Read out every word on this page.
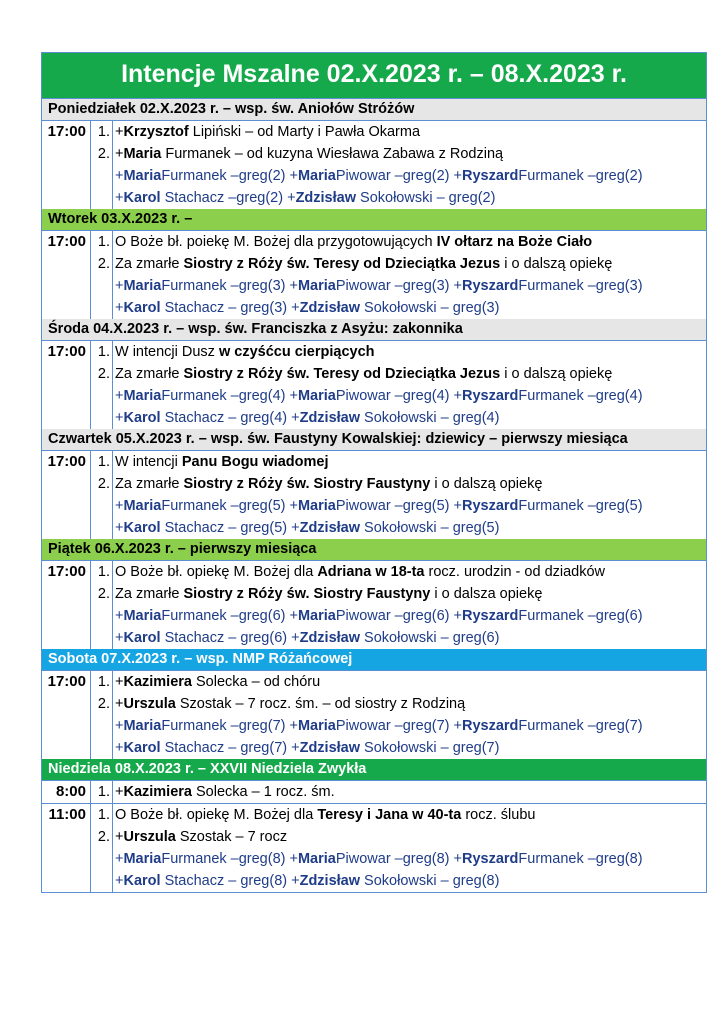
Intencje Mszalne 02.X.2023 r. – 08.X.2023 r.
Poniedziałek 02.X.2023 r. – wsp. św. Aniołów Stróżów
17:00 1.
2.
+Krzysztof Lipiński – od Marty i Pawła Okarma
+Maria Furmanek – od kuzyna Wiesława Zabawa z Rodziną
+MariaFurmanek –greg(2) +MariaPiwowar –greg(2) +RyszardFurmanek –greg(2)
+Karol Stachacz –greg(2) +Zdzisław Sokołowski – greg(2)
Wtorek 03.X.2023 r. –
17:00 1.
2.
O Boże bł. poiekę M. Bożej dla przygotowujących IV ołtarz na Boże Ciało
Za zmarłe Siostry z Róży św. Teresy od Dzieciątka Jezus i o dalszą opiekę
+MariaFurmanek –greg(3) +MariaPiwowar –greg(3) +RyszardFurmanek –greg(3)
+Karol Stachacz – greg(3) +Zdzisław Sokołowski – greg(3)
Środa 04.X.2023 r. – wsp. św. Franciszka z Asyżu: zakonnika
17:00 1.
2.
W intencji Dusz w czyśćcu cierpiących
Za zmarłe Siostry z Róży św. Teresy od Dzieciątka Jezus i o dalszą opiekę
+MariaFurmanek –greg(4) +MariaPiwowar –greg(4) +RyszardFurmanek –greg(4)
+Karol Stachacz – greg(4) +Zdzisław Sokołowski – greg(4)
Czwartek 05.X.2023 r. – wsp. św. Faustyny Kowalskiej: dziewicy – pierwszy miesiąca
17:00 1.
2.
W intencji Panu Bogu wiadomej
Za zmarłe Siostry z Róży św. Siostry Faustyny i o dalszą opiekę
+MariaFurmanek –greg(5) +MariaPiwowar –greg(5) +RyszardFurmanek –greg(5)
+Karol Stachacz – greg(5) +Zdzisław Sokołowski – greg(5)
Piątek 06.X.2023 r. – pierwszy miesiąca
17:00 1.
2.
O Boże bł. opiekę M. Bożej dla Adriana w 18-ta rocz. urodzin - od dziadków
Za zmarłe Siostry z Róży św. Siostry Faustyny i o dalsza opiekę
+MariaFurmanek –greg(6) +MariaPiwowar –greg(6) +RyszardFurmanek –greg(6)
+Karol Stachacz – greg(6) +Zdzisław Sokołowski – greg(6)
Sobota 07.X.2023 r. – wsp. NMP Różańcowej
17:00 1.
2.
+Kazimiera Solecka – od chóru
+Urszula Szostak – 7 rocz. śm. – od siostry z Rodziną
+MariaFurmanek –greg(7) +MariaPiwowar –greg(7) +RyszardFurmanek –greg(7)
+Karol Stachacz – greg(7) +Zdzisław Sokołowski – greg(7)
Niedziela 08.X.2023 r. – XXVII Niedziela Zwykła
8:00 1. +Kazimiera Solecka – 1 rocz. śm.
11:00 1.
2.
O Boże bł. opiekę M. Bożej dla Teresy i Jana w 40-ta rocz. ślubu
+Urszula Szostak – 7 rocz
+MariaFurmanek –greg(8) +MariaPiwowar –greg(8) +RyszardFurmanek –greg(8)
+Karol Stachacz – greg(8) +Zdzisław Sokołowski – greg(8)
